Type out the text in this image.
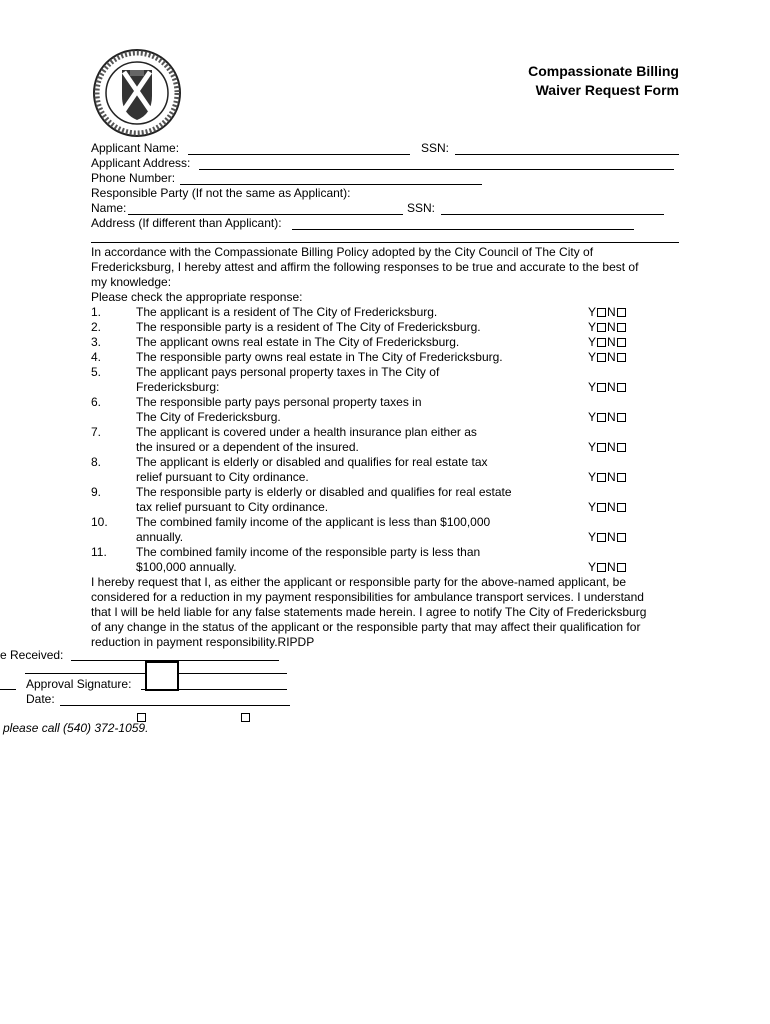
Compassionate Billing
Waiver Request Form
Applicant Name:	SSN:
Applicant Address:
Phone Number:
Responsible Party (If not the same as Applicant):
Name:	SSN:
Address (If different than Applicant):
In accordance with the Compassionate Billing Policy adopted by the City Council of The City of
Fredericksburg, I hereby attest and affirm the following responses to be true and accurate to the best of
my knowledge:
Please check the appropriate response:
1.	The applicant is a resident of The City of Fredericksburg.	Y N
2.	The responsible party is a resident of The City of Fredericksburg.	Y N
3.	The applicant owns real estate in The City of Fredericksburg.	Y N
4.	The responsible party owns real estate in The City of Fredericksburg.	Y N
5.	The applicant pays personal property taxes in The City of
Fredericksburg:	Y N
6.	The responsible party pays personal property taxes in
The City of Fredericksburg.	Y N
7.	The applicant is covered under a health insurance plan either as
the insured or a dependent of the insured.	Y N
8.	The applicant is elderly or disabled and qualifies for real estate tax
relief pursuant to City ordinance.	Y N
9.	The responsible party is elderly or disabled and qualifies for real estate
tax relief pursuant to City ordinance.	Y N
10. The combined family income of the applicant is less than $100,000
annually.	Y N
11. The combined family income of the responsible party is less than
$100,000 annually.	Y N
I hereby request that I, as either the applicant or responsible party for the above-named applicant, be
considered for a reduction in my payment responsibilities for ambulance transport services. I understand
that I will be held liable for any false statements made herein. I agree to notify The City of Fredericksburg
of any change in the status of the applicant or the responsible party that may affect their qualification for
reduction in payment responsibility.RIPDP
e Received:
Approval Signature:
Date:
please call (540) 372-1059.
